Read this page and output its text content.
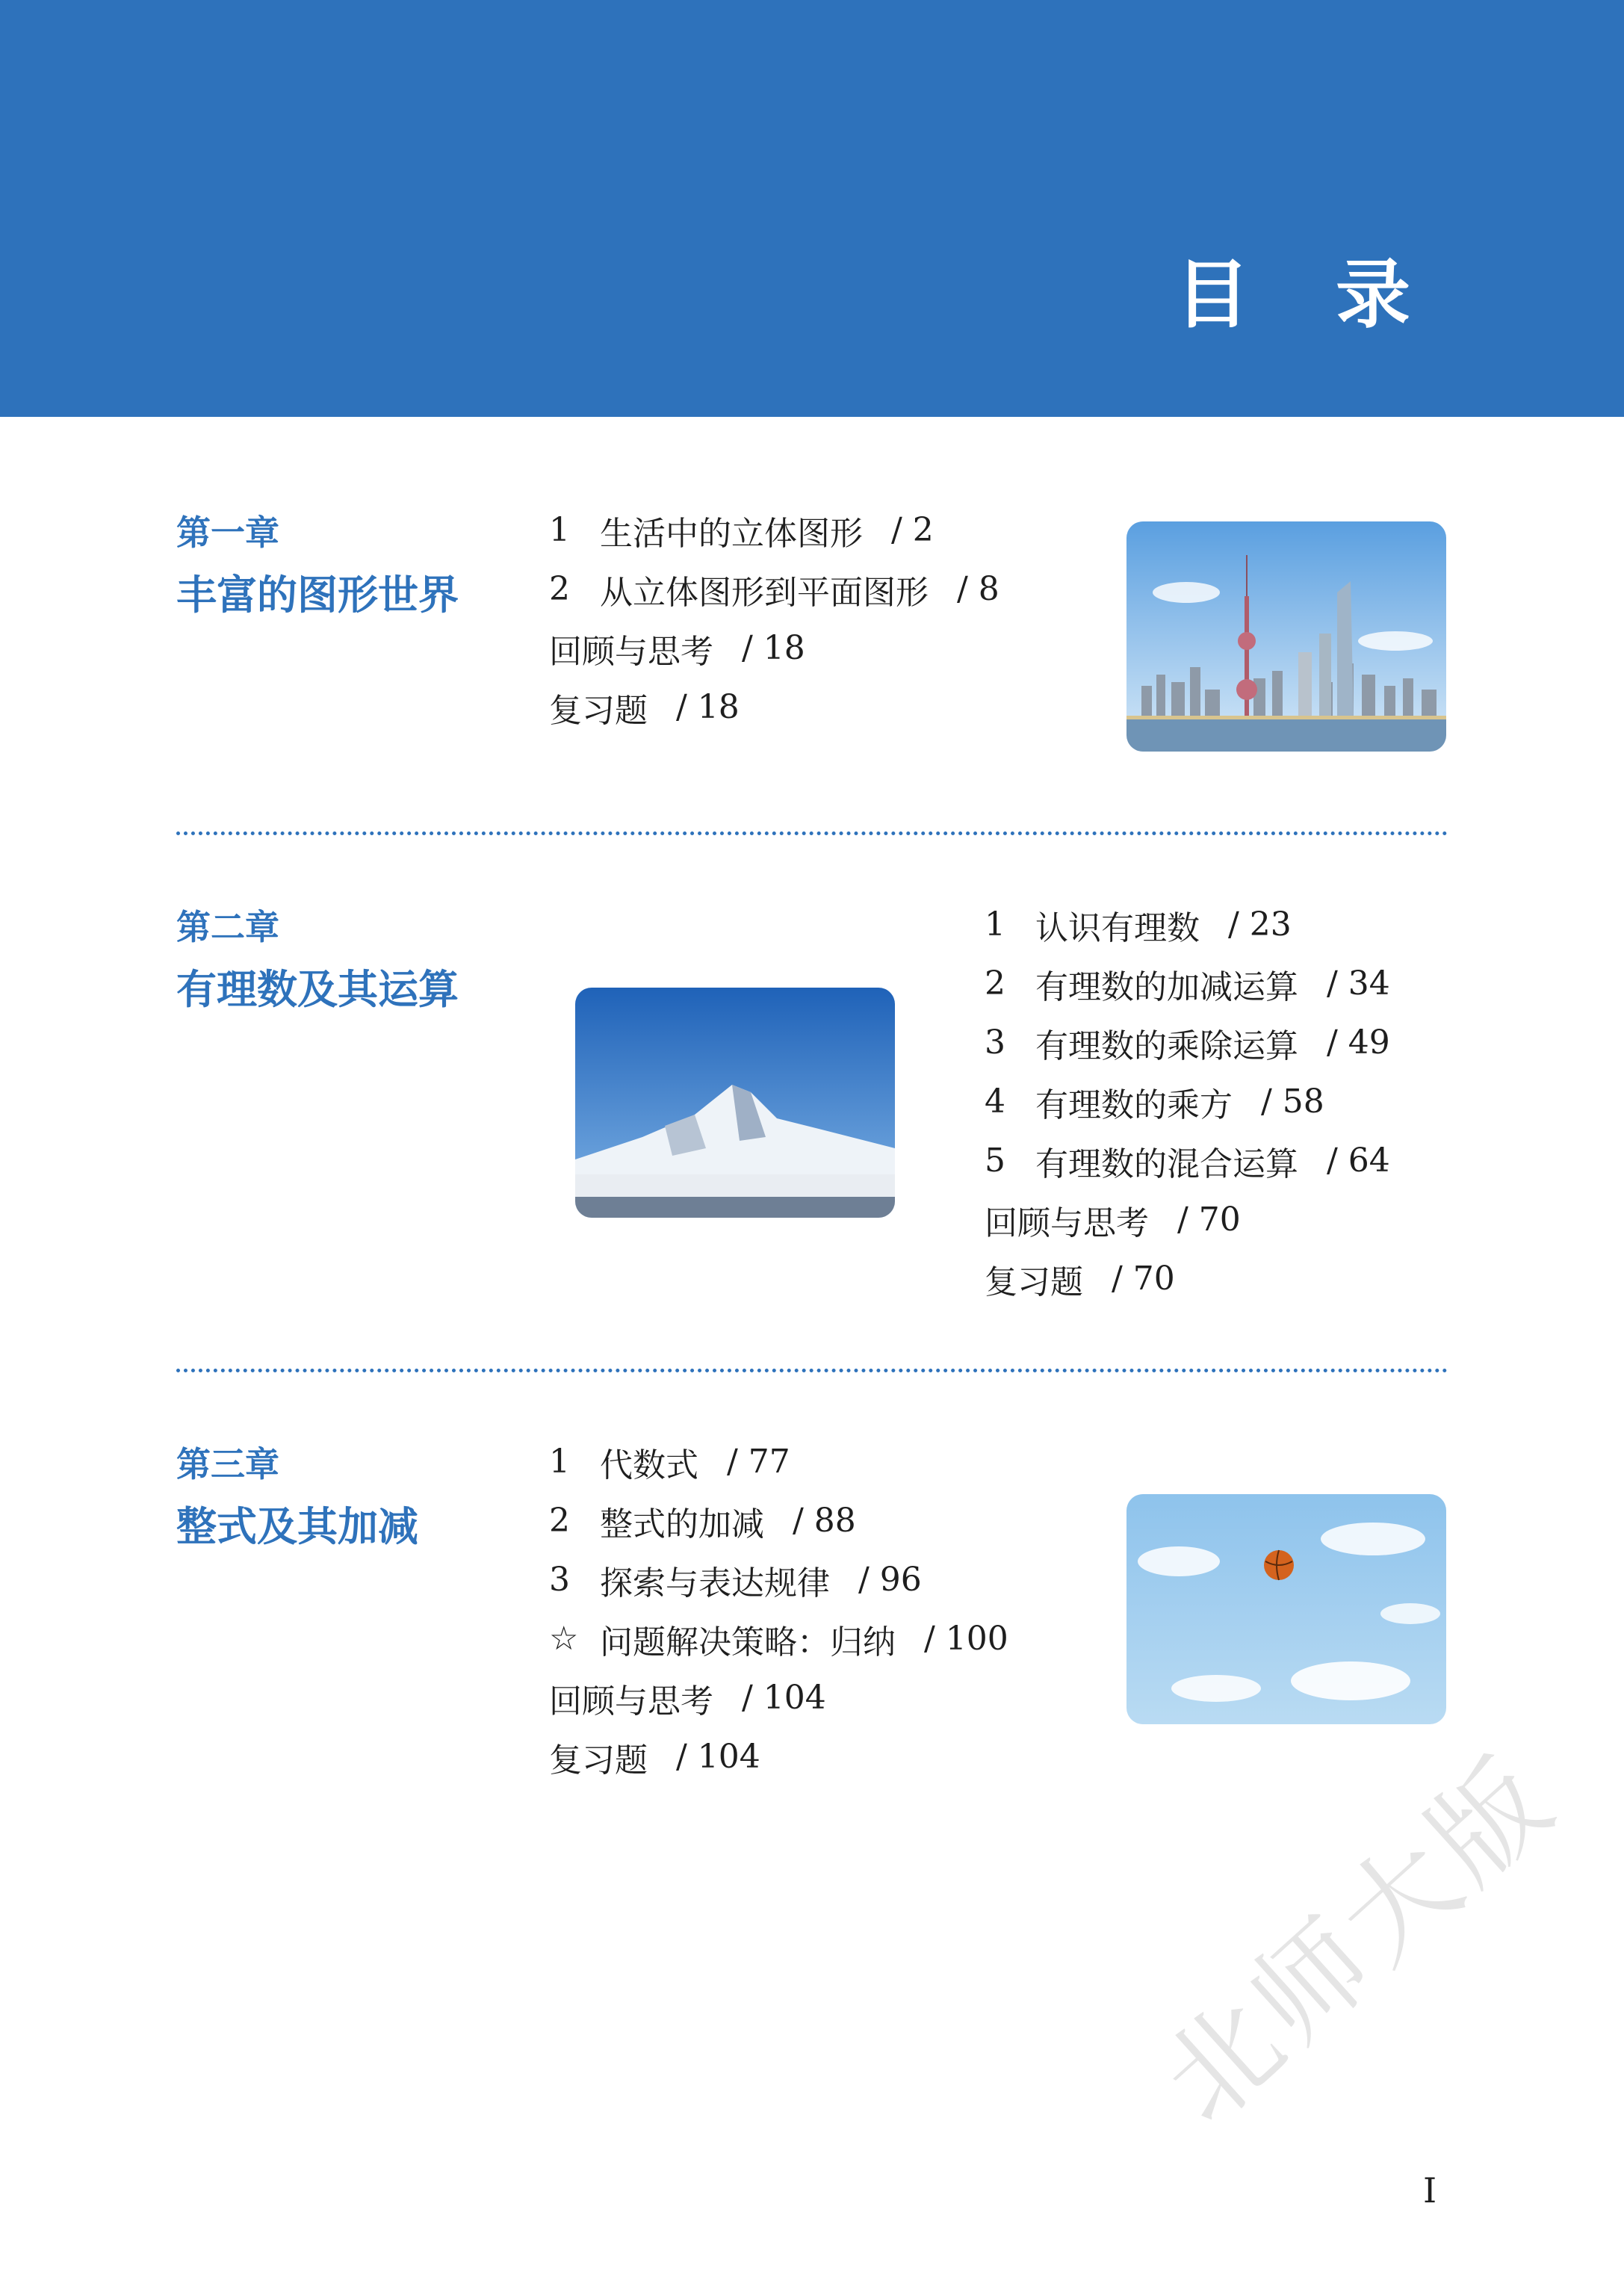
目 录
第一章
丰富的图形世界
1 生活中的立体图形 / 2
2 从立体图形到平面图形 / 8
回顾与思考 / 18
复习题 / 18
第二章
有理数及其运算
1 认识有理数 / 23
2 有理数的加减运算 / 34
3 有理数的乘除运算 / 49
4 有理数的乘方 / 58
5 有理数的混合运算 / 64
回顾与思考 / 70
复习题 / 70
第三章
整式及其加减
1 代数式 / 77
2 整式的加减 / 88
3 探索与表达规律 / 96
☆ 问题解决策略：归纳 / 100
回顾与思考 / 104
复习题 / 104	北师大版
I
